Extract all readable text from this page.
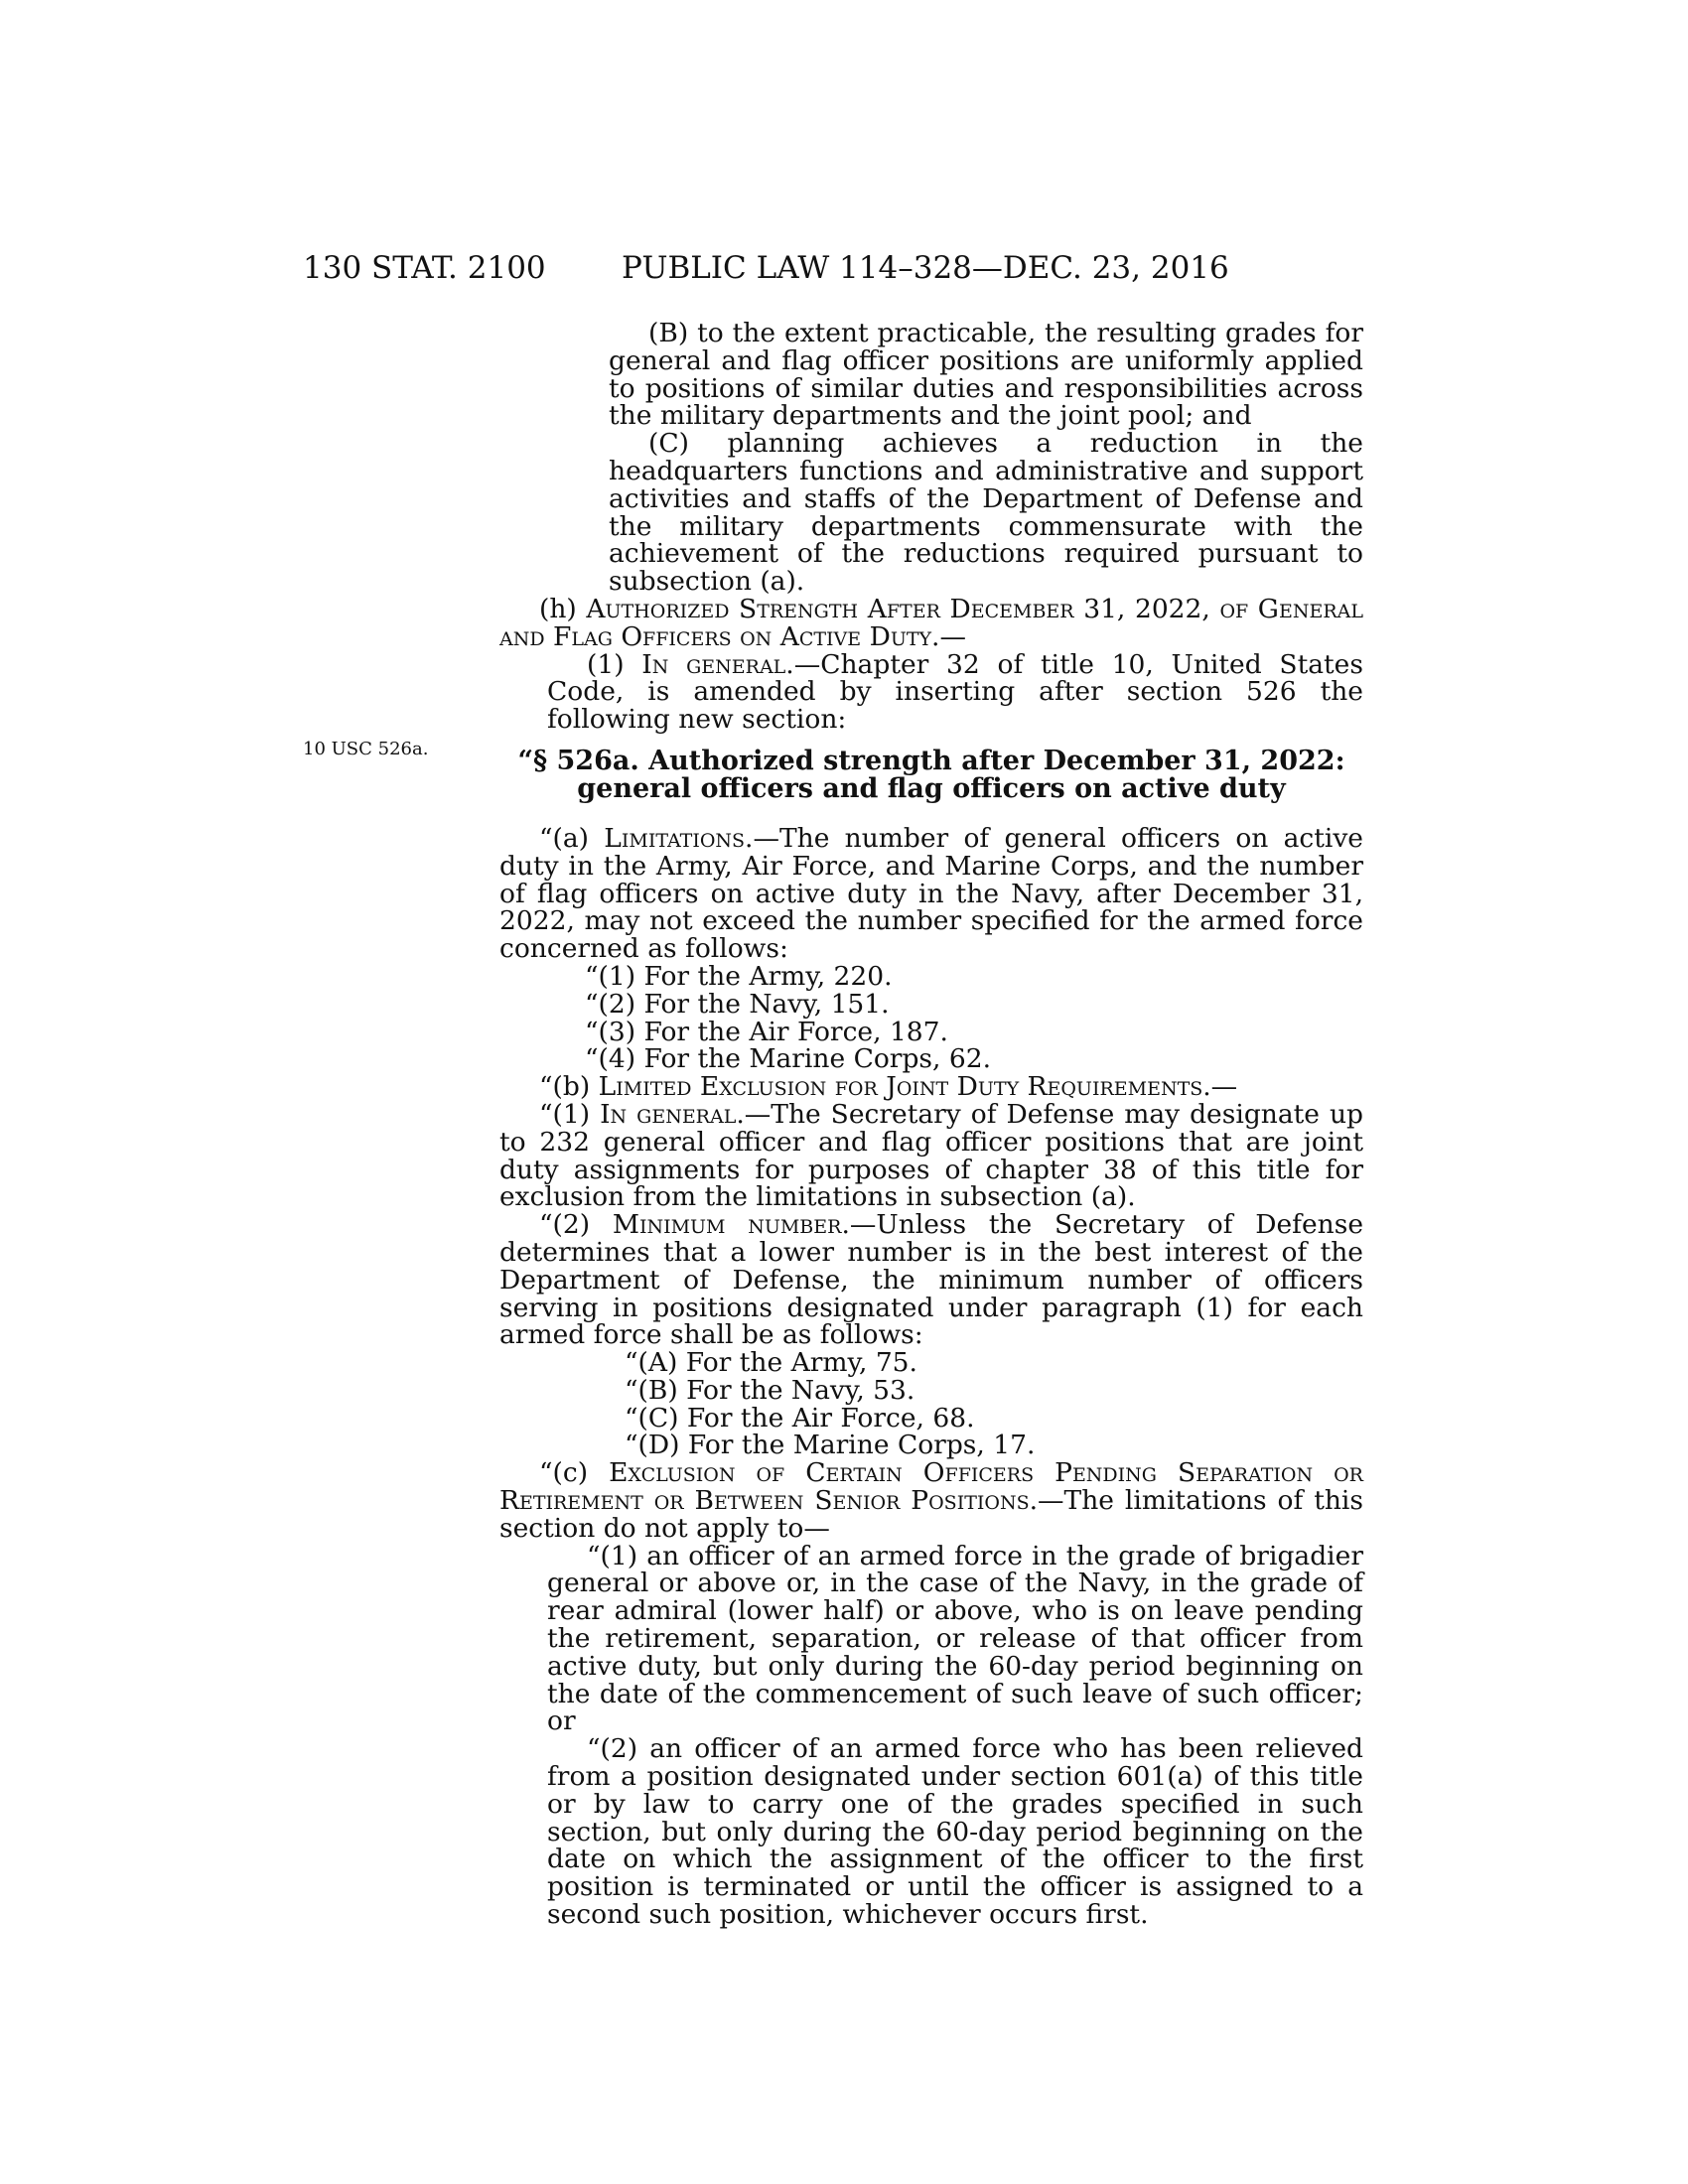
130 STAT. 2100 PUBLIC LAW 114–328—DEC. 23, 2016
10 USC 526a.

(B) to the extent practicable, the resulting grades for general and flag officer positions are uniformly applied to positions of similar duties and responsibilities across the military departments and the joint pool; and

(C) planning achieves a reduction in the headquarters functions and administrative and support activities and staffs of the Department of Defense and the military departments commensurate with the achievement of the reductions required pursuant to subsection (a).

(h) Authorized Strength After December 31, 2022, of General and Flag Officers on Active Duty.—

(1) In general.—Chapter 32 of title 10, United States Code, is amended by inserting after section 526 the following new section:

“§ 526a. Authorized strength after December 31, 2022: general officers and flag officers on active duty

“(a) Limitations.—The number of general officers on active duty in the Army, Air Force, and Marine Corps, and the number of flag officers on active duty in the Navy, after December 31, 2022, may not exceed the number specified for the armed force concerned as follows:

“(1) For the Army, 220.

“(2) For the Navy, 151.

“(3) For the Air Force, 187.

“(4) For the Marine Corps, 62.

“(b) Limited Exclusion for Joint Duty Requirements.—

“(1) In general.—The Secretary of Defense may designate up to 232 general officer and flag officer positions that are joint duty assignments for purposes of chapter 38 of this title for exclusion from the limitations in subsection (a).

“(2) Minimum number.—Unless the Secretary of Defense determines that a lower number is in the best interest of the Department of Defense, the minimum number of officers serving in positions designated under paragraph (1) for each armed force shall be as follows:

“(A) For the Army, 75.

“(B) For the Navy, 53.

“(C) For the Air Force, 68.

“(D) For the Marine Corps, 17.

“(c) Exclusion of Certain Officers Pending Separation or Retirement or Between Senior Positions.—The limitations of this section do not apply to—

“(1) an officer of an armed force in the grade of brigadier general or above or, in the case of the Navy, in the grade of rear admiral (lower half) or above, who is on leave pending the retirement, separation, or release of that officer from active duty, but only during the 60-day period beginning on the date of the commencement of such leave of such officer; or

“(2) an officer of an armed force who has been relieved from a position designated under section 601(a) of this title or by law to carry one of the grades specified in such section, but only during the 60-day period beginning on the date on which the assignment of the officer to the first position is terminated or until the officer is assigned to a second such position, whichever occurs first.
